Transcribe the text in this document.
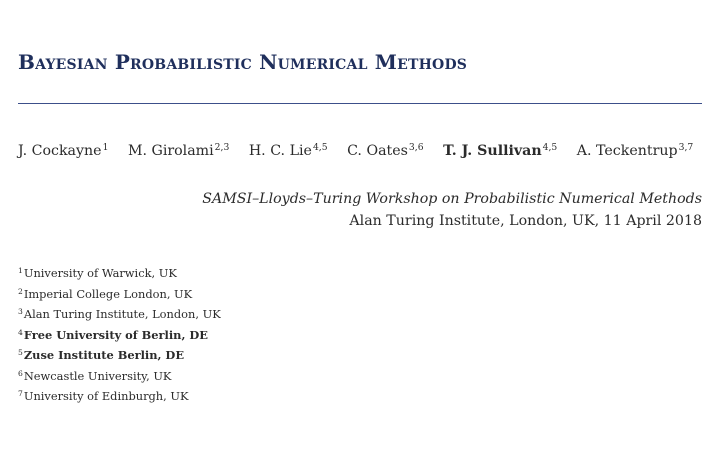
Bayesian Probabilistic Numerical Methods
J. Cockayne$^1$ M. Girolami$^{2,3}$ H. C. Lie$^{4,5}$ C. Oates$^{3,6}$ T. J. Sullivan$^{4,5}$ A. Teckentrup$^{3,7}$
SAMSI–Lloyds–Turing Workshop on Probabilistic Numerical Methods
Alan Turing Institute, London, UK, 11 April 2018
$^1$University of Warwick, UK
$^2$Imperial College London, UK
$^3$Alan Turing Institute, London, UK
$^4$Free University of Berlin, DE
$^5$Zuse Institute Berlin, DE
$^6$Newcastle University, UK
$^7$University of Edinburgh, UK
